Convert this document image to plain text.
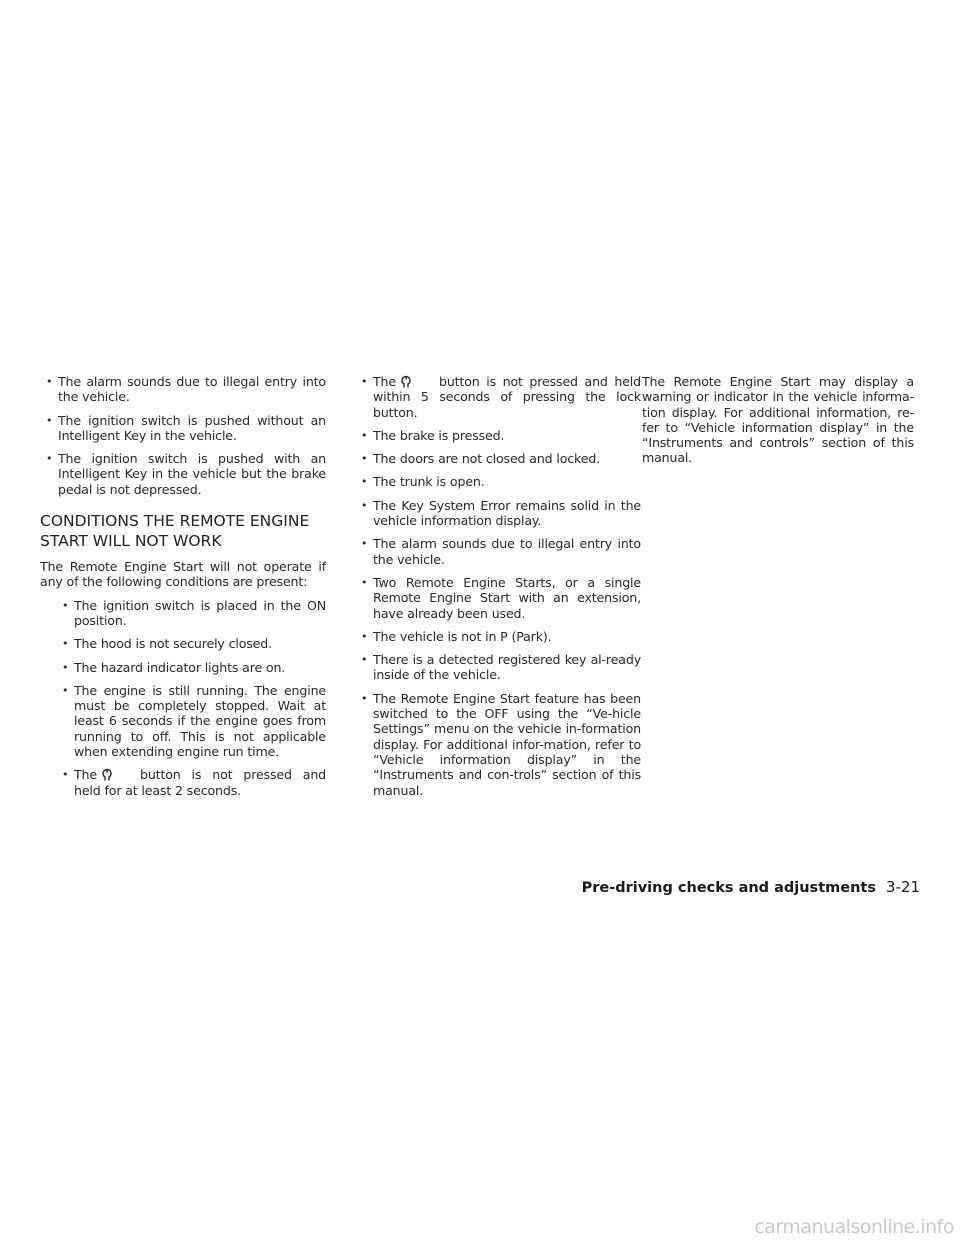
• The alarm sounds due to illegal entry into the vehicle.
• The ignition switch is pushed without an Intelligent Key in the vehicle.
• The ignition switch is pushed with an Intelligent Key in the vehicle but the brake pedal is not depressed.
CONDITIONS THE REMOTE ENGINE START WILL NOT WORK

The Remote Engine Start will not operate if any of the following conditions are present:

• The ignition switch is placed in the ON position.
• The hood is not securely closed.
• The hazard indicator lights are on.
• The engine is still running. The engine must be completely stopped. Wait at least 6 seconds if the engine goes from running to off. This is not applicable when extending engine run time.
• The	button is not pressed and held for at least 2 seconds.
• The	button is not pressed and held within 5 seconds of pressing the lock button.
• The brake is pressed.
• The doors are not closed and locked.
• The trunk is open.
• The Key System Error remains solid in the vehicle information display.
• The alarm sounds due to illegal entry into the vehicle.
• Two Remote Engine Starts, or a single Remote Engine Start with an extension, have already been used.
• The vehicle is not in P (Park).
• There is a detected registered key al-ready inside of the vehicle.
• The Remote Engine Start feature has been switched to the OFF using the “Ve-hicle Settings” menu on the vehicle in-formation display. For additional infor-mation, refer to “Vehicle information display” in the “Instruments and con-trols” section of this manual.

The Remote Engine Start may display a warning or indicator in the vehicle informa-tion display. For additional information, re-fer to “Vehicle information display” in the “Instruments and controls” section of this manual.

Pre-driving checks and adjustments 3-21
carmanualsonline.info
